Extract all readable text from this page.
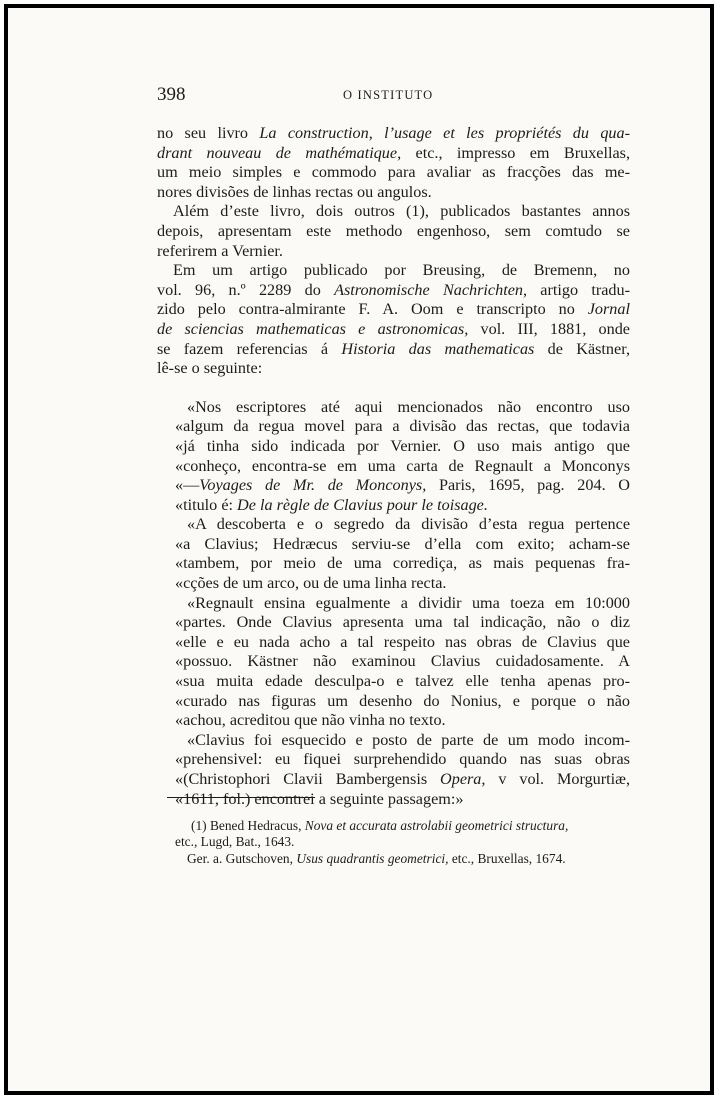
398	O INSTITUTO
no seu livro La construction, l’usage et les propriétés du qua-
drant nouveau de mathématique, etc., impresso em Bruxellas,
um meio simples e commodo para avaliar as fracções das me-
nores divisões de linhas rectas ou angulos.
Além d’este livro, dois outros (1), publicados bastantes annos
depois, apresentam este methodo engenhoso, sem comtudo se
referirem a Vernier.
Em um artigo publicado por Breusing, de Bremenn, no
vol. 96, n.º 2289 do Astronomische Nachrichten, artigo tradu-
zido pelo contra-almirante F. A. Oom e transcripto no Jornal
de sciencias mathematicas e astronomicas, vol. III, 1881, onde
se fazem referencias á Historia das mathematicas de Kästner,
lê-se o seguinte:
«Nos escriptores até aqui mencionados não encontro uso
«algum da regua movel para a divisão das rectas, que todavia
«já tinha sido indicada por Vernier. O uso mais antigo que
«conheço, encontra-se em uma carta de Regnault a Monconys
«—Voyages de Mr. de Monconys, Paris, 1695, pag. 204. O
«titulo é: De la règle de Clavius pour le toisage.
«A descoberta e o segredo da divisão d’esta regua pertence
«a Clavius; Hedræcus serviu-se d’ella com exito; acham-se
«tambem, por meio de uma corrediça, as mais pequenas fra-
«cções de um arco, ou de uma linha recta.
«Regnault ensina egualmente a dividir uma toeza em 10:000
«partes. Onde Clavius apresenta uma tal indicação, não o diz
«elle e eu nada acho a tal respeito nas obras de Clavius que
«possuo. Kästner não examinou Clavius cuidadosamente. A
«sua muita edade desculpa-o e talvez elle tenha apenas pro-
«curado nas figuras um desenho do Nonius, e porque o não
«achou, acreditou que não vinha no texto.
«Clavius foi esquecido e posto de parte de um modo incom-
«prehensivel: eu fiquei surprehendido quando nas suas obras
«(Christophori Clavii Bambergensis Opera, v vol. Morgurtiæ,
«1611, fol.) encontrei a seguinte passagem:»
(1) Bened Hedracus, Nova et accurata astrolabii geometrici structura,
etc., Lugd, Bat., 1643.
Ger. a. Gutschoven, Usus quadrantis geometrici, etc., Bruxellas, 1674.
